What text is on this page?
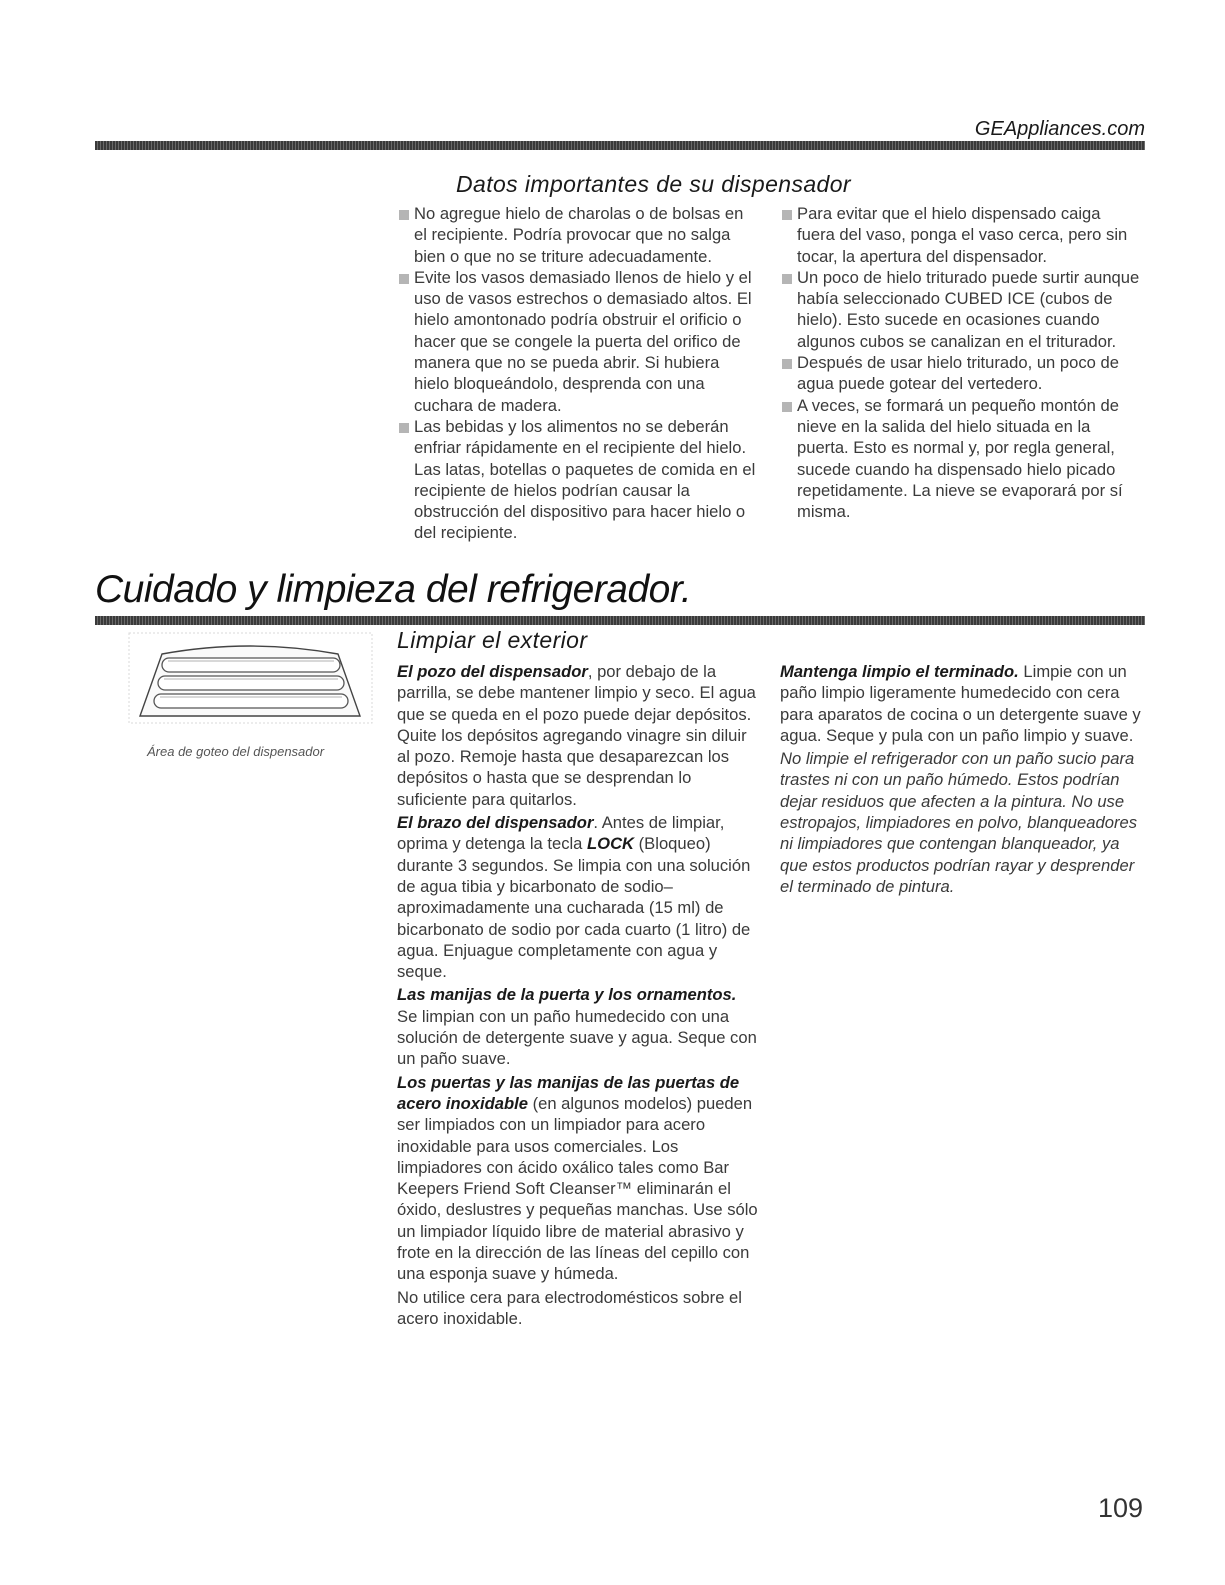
GEAppliances.com
Datos importantes de su dispensador
No agregue hielo de charolas o de bolsas en el recipiente. Podría provocar que no salga bien o que no se triture adecuadamente.
Evite los vasos demasiado llenos de hielo y el uso de vasos estrechos o demasiado altos. El hielo amontonado podría obstruir el orificio o hacer que se congele la puerta del orifico de manera que no se pueda abrir. Si hubiera hielo bloqueándolo, desprenda con una cuchara de madera.
Las bebidas y los alimentos no se deberán enfriar rápidamente en el recipiente del hielo. Las latas, botellas o paquetes de comida en el recipiente de hielos podrían causar la obstrucción del dispositivo para hacer hielo o del recipiente.
Para evitar que el hielo dispensado caiga fuera del vaso, ponga el vaso cerca, pero sin tocar, la apertura del dispensador.
Un poco de hielo triturado puede surtir aunque había seleccionado CUBED ICE (cubos de hielo). Esto sucede en ocasiones cuando algunos cubos se canalizan en el triturador.
Después de usar hielo triturado, un poco de agua puede gotear del vertedero.
A veces, se formará un pequeño montón de nieve en la salida del hielo situada en la puerta. Esto es normal y, por regla general, sucede cuando ha dispensado hielo picado repetidamente. La nieve se evaporará por sí misma.
Cuidado y limpieza del refrigerador.

Área de goteo del dispensador

Limpiar el exterior

El pozo del dispensador, por debajo de la parrilla, se debe mantener limpio y seco. El agua que se queda en el pozo puede dejar depósitos. Quite los depósitos agregando vinagre sin diluir al pozo. Remoje hasta que desaparezcan los depósitos o hasta que se desprendan lo suficiente para quitarlos.

El brazo del dispensador. Antes de limpiar, oprima y detenga la tecla LOCK (Bloqueo) durante 3 segundos. Se limpia con una solución de agua tibia y bicarbonato de sodio–aproximadamente una cucharada (15 ml) de bicarbonato de sodio por cada cuarto (1 litro) de agua. Enjuague completamente con agua y seque.

Las manijas de la puerta y los ornamentos. Se limpian con un paño humedecido con una solución de detergente suave y agua. Seque con un paño suave.

Los puertas y las manijas de las puertas de acero inoxidable (en algunos modelos) pueden ser limpiados con un limpiador para acero inoxidable para usos comerciales. Los limpiadores con ácido oxálico tales como Bar Keepers Friend Soft Cleanser™ eliminarán el óxido, deslustres y pequeñas manchas. Use sólo un limpiador líquido libre de material abrasivo y frote en la dirección de las líneas del cepillo con una esponja suave y húmeda.

No utilice cera para electrodomésticos sobre el acero inoxidable.

Mantenga limpio el terminado. Limpie con un paño limpio ligeramente humedecido con cera para aparatos de cocina o un detergente suave y agua. Seque y pula con un paño limpio y suave.

No limpie el refrigerador con un paño sucio para trastes ni con un paño húmedo. Estos podrían dejar residuos que afecten a la pintura. No use estropajos, limpiadores en polvo, blanqueadores ni limpiadores que contengan blanqueador, ya que estos productos podrían rayar y desprender el terminado de pintura.

109
